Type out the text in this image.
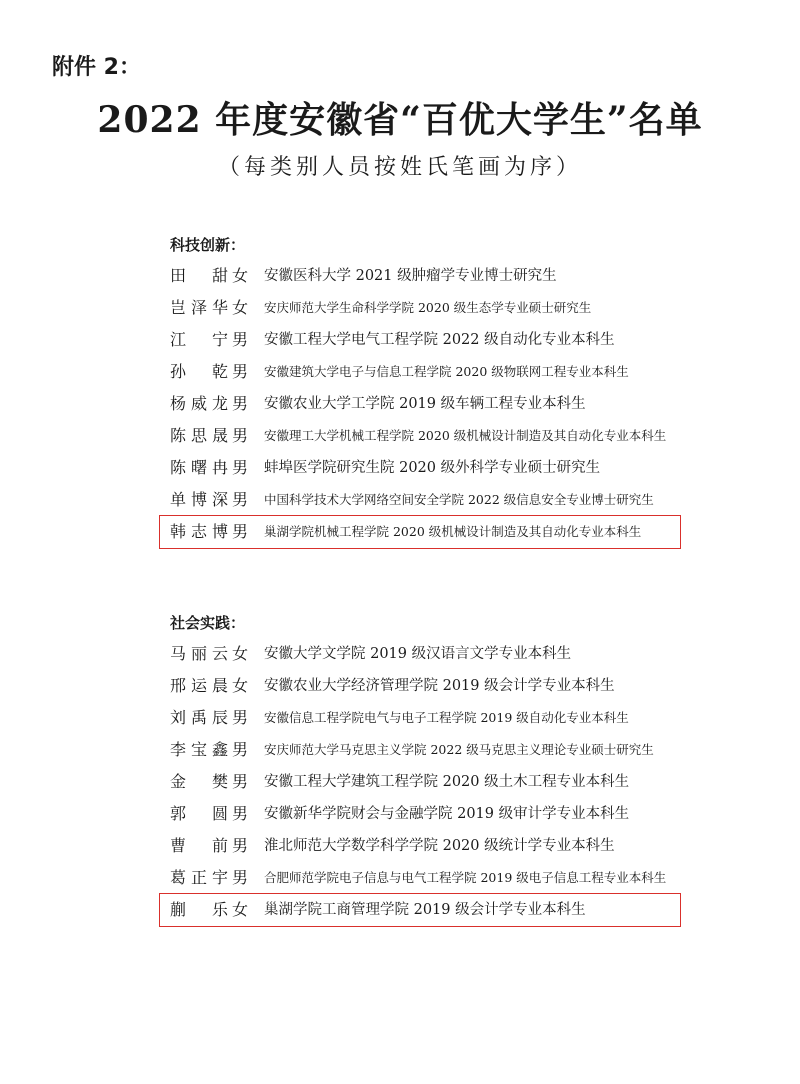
附件 2：
2022 年度安徽省“百优大学生”名单
（每类别人员按姓氏笔画为序）
科技创新：
田 甜 女 安徽医科大学 2021 级肿瘤学专业博士研究生
岂泽华 女	安庆师范大学生命科学学院 2020 级生态学专业硕士研究生
江 宁 男 安徽工程大学电气工程学院 2022 级自动化专业本科生
孙 乾 男	安徽建筑大学电子与信息工程学院 2020 级物联网工程专业本科生
杨威龙 男 安徽农业大学工学院 2019 级车辆工程专业本科生
陈思晟 男	安徽理工大学机械工程学院 2020 级机械设计制造及其自动化专业本科生
陈曙冉 男 蚌埠医学院研究生院 2020 级外科学专业硕士研究生
单博深 男	中国科学技术大学网络空间安全学院 2022 级信息安全专业博士研究生
韩志博 男	巢湖学院机械工程学院 2020 级机械设计制造及其自动化专业本科生
社会实践：
马丽云 女 安徽大学文学院 2019 级汉语言文学专业本科生
邢运晨 女 安徽农业大学经济管理学院 2019 级会计学专业本科生
刘禹辰 男	安徽信息工程学院电气与电子工程学院 2019 级自动化专业本科生
李宝鑫 男	安庆师范大学马克思主义学院 2022 级马克思主义理论专业硕士研究生
金 樊 男 安徽工程大学建筑工程学院 2020 级土木工程专业本科生
郭 圆 男 安徽新华学院财会与金融学院 2019 级审计学专业本科生
曹 前 男 淮北师范大学数学科学学院 2020 级统计学专业本科生
葛正宇 男	合肥师范学院电子信息与电气工程学院 2019 级电子信息工程专业本科生
蒯 乐 女 巢湖学院工商管理学院 2019 级会计学专业本科生
